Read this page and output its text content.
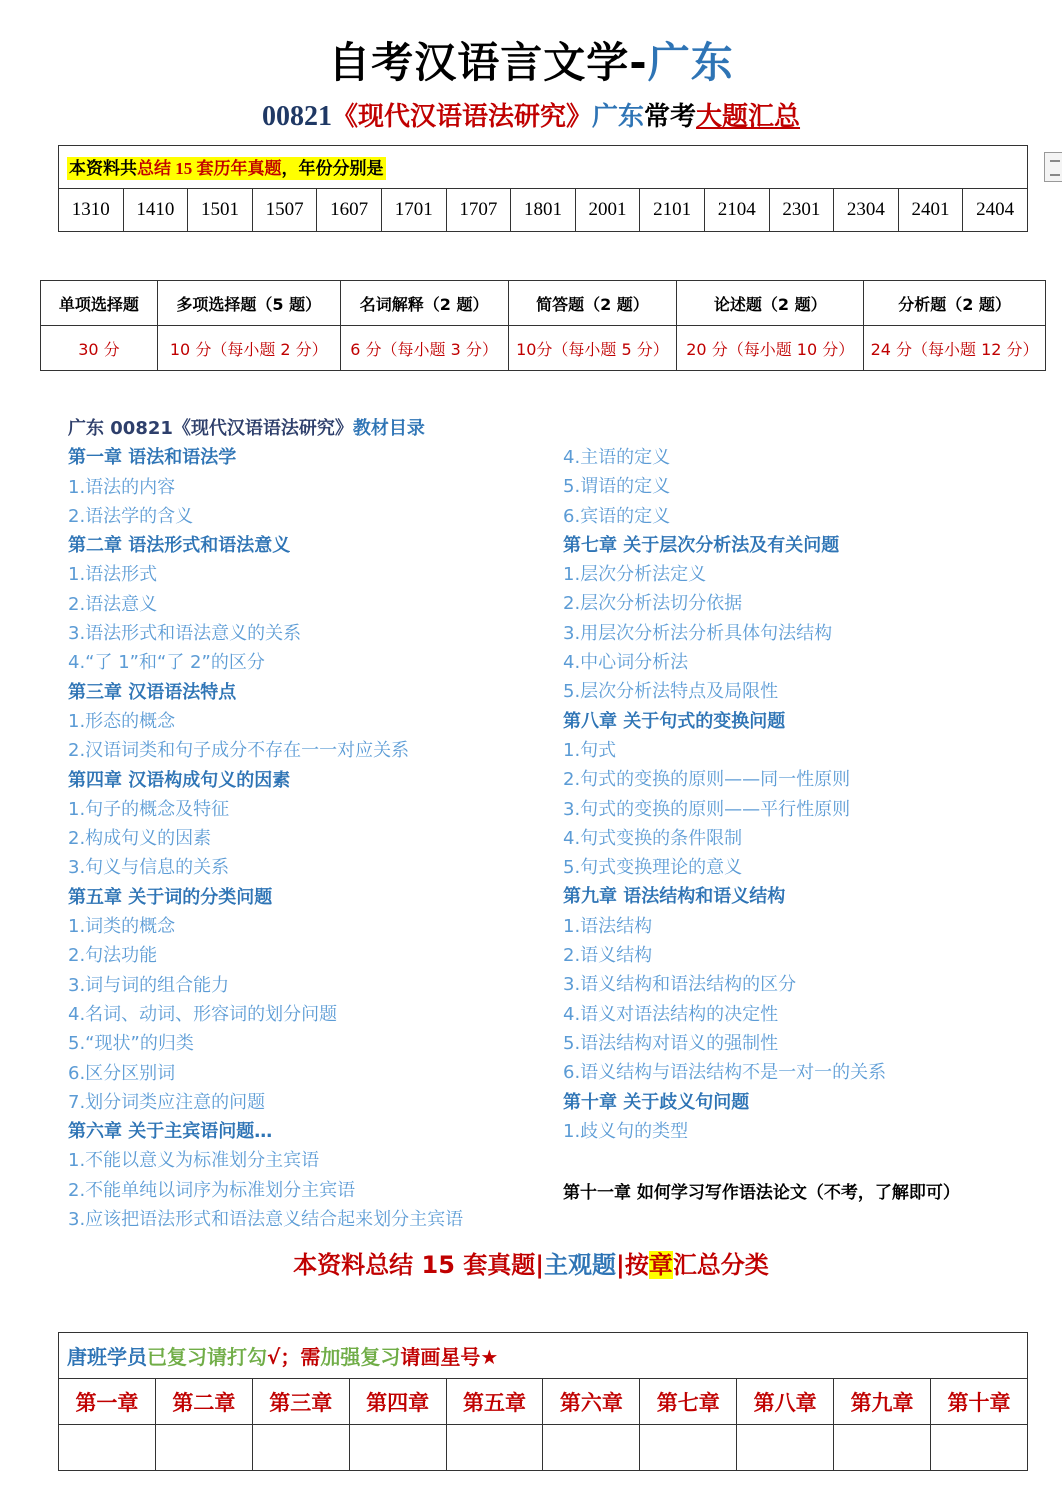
自考汉语言文学-广东
00821《现代汉语语法研究》广东常考大题汇总
本资料共总结 15 套历年真题，年份分别是
1310	1410	1501	1507	1607	1701	1707	1801	2001	2101	2104	2301	2304	2401	2404
单项选择题	多项选择题（5 题）	名词解释（2 题）	简答题（2 题）	论述题（2 题）	分析题（2 题）
30 分	10 分（每小题 2 分）	6 分（每小题 3 分）	10分（每小题 5 分）	20 分（每小题 10 分）	24 分（每小题 12 分）
广东 00821《现代汉语语法研究》教材目录
第一章 语法和语法学
1.语法的内容
2.语法学的含义
第二章 语法形式和语法意义
1.语法形式
2.语法意义
3.语法形式和语法意义的关系
4.“了 1”和“了 2”的区分
第三章 汉语语法特点
1.形态的概念
2.汉语词类和句子成分不存在一一对应关系
第四章 汉语构成句义的因素
1.句子的概念及特征
2.构成句义的因素
3.句义与信息的关系
第五章 关于词的分类问题
1.词类的概念
2.句法功能
3.词与词的组合能力
4.名词、动词、形容词的划分问题
5.“现状”的归类
6.区分区别词
7.划分词类应注意的问题
第六章 关于主宾语问题…
1.不能以意义为标准划分主宾语
2.不能单纯以词序为标准划分主宾语
3.应该把语法形式和语法意义结合起来划分主宾语
4.主语的定义
5.谓语的定义
6.宾语的定义
第七章 关于层次分析法及有关问题
1.层次分析法定义
2.层次分析法切分依据
3.用层次分析法分析具体句法结构
4.中心词分析法
5.层次分析法特点及局限性
第八章 关于句式的变换问题
1.句式
2.句式的变换的原则——同一性原则
3.句式的变换的原则——平行性原则
4.句式变换的条件限制
5.句式变换理论的意义
第九章 语法结构和语义结构
1.语法结构
2.语义结构
3.语义结构和语法结构的区分
4.语义对语法结构的决定性
5.语法结构对语义的强制性
6.语义结构与语法结构不是一对一的关系
第十章 关于歧义句问题
1.歧义句的类型
第十一章 如何学习写作语法论文（不考，了解即可）
本资料总结 15 套真题|主观题|按章汇总分类
唐班学员已复习请打勾√；需加强复习请画星号★									
第一章	第二章	第三章	第四章	第五章	第六章	第七章	第八章	第九章	第十章
